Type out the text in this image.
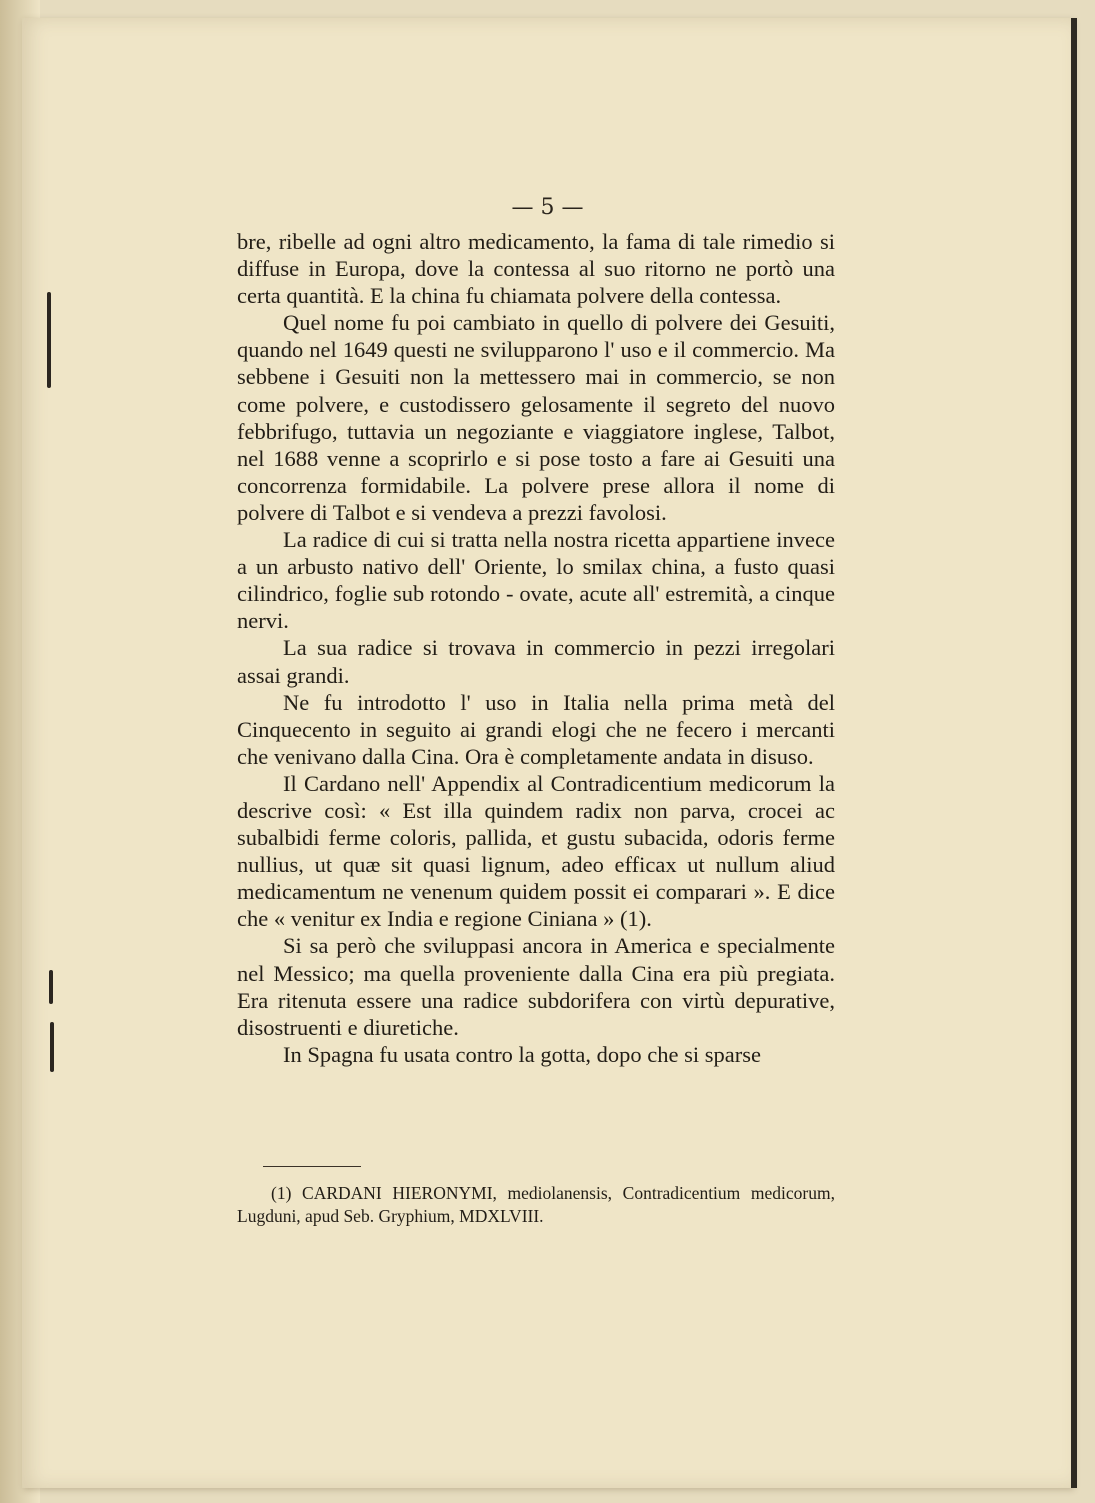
— 5 —

bre, ribelle ad ogni altro medicamento, la fama di tale rimedio si diffuse in Europa, dove la contessa al suo ritorno ne portò una certa quantità. E la china fu chiamata polvere della contessa.

Quel nome fu poi cambiato in quello di polvere dei Gesuiti, quando nel 1649 questi ne svilupparono l' uso e il commercio. Ma sebbene i Gesuiti non la mettessero mai in commercio, se non come polvere, e custodissero gelosamente il segreto del nuovo febbrifugo, tuttavia un negoziante e viaggiatore inglese, Talbot, nel 1688 venne a scoprirlo e si pose tosto a fare ai Gesuiti una concorrenza formidabile. La polvere prese allora il nome di polvere di Talbot e si vendeva a prezzi favolosi.

La radice di cui si tratta nella nostra ricetta appartiene invece a un arbusto nativo dell' Oriente, lo smilax china, a fusto quasi cilindrico, foglie sub rotondo - ovate, acute all' estremità, a cinque nervi.

La sua radice si trovava in commercio in pezzi irregolari assai grandi.

Ne fu introdotto l' uso in Italia nella prima metà del Cinquecento in seguito ai grandi elogi che ne fecero i mercanti che venivano dalla Cina. Ora è completamente andata in disuso.

Il Cardano nell' Appendix al Contradicentium medicorum la descrive così: « Est illa quindem radix non parva, crocei ac subalbidi ferme coloris, pallida, et gustu subacida, odoris ferme nullius, ut quæ sit quasi lignum, adeo efficax ut nullum aliud medicamentum ne venenum quidem possit ei comparari ». E dice che « venitur ex India e regione Ciniana » (1).

Si sa però che sviluppasi ancora in America e specialmente nel Messico; ma quella proveniente dalla Cina era più pregiata. Era ritenuta essere una radice subdorifera con virtù depurative, disostruenti e diuretiche.

In Spagna fu usata contro la gotta, dopo che si sparse

(1) CARDANI HIERONYMI, mediolanensis, Contradicentium medicorum, Lugduni, apud Seb. Gryphium, MDXLVIII.
